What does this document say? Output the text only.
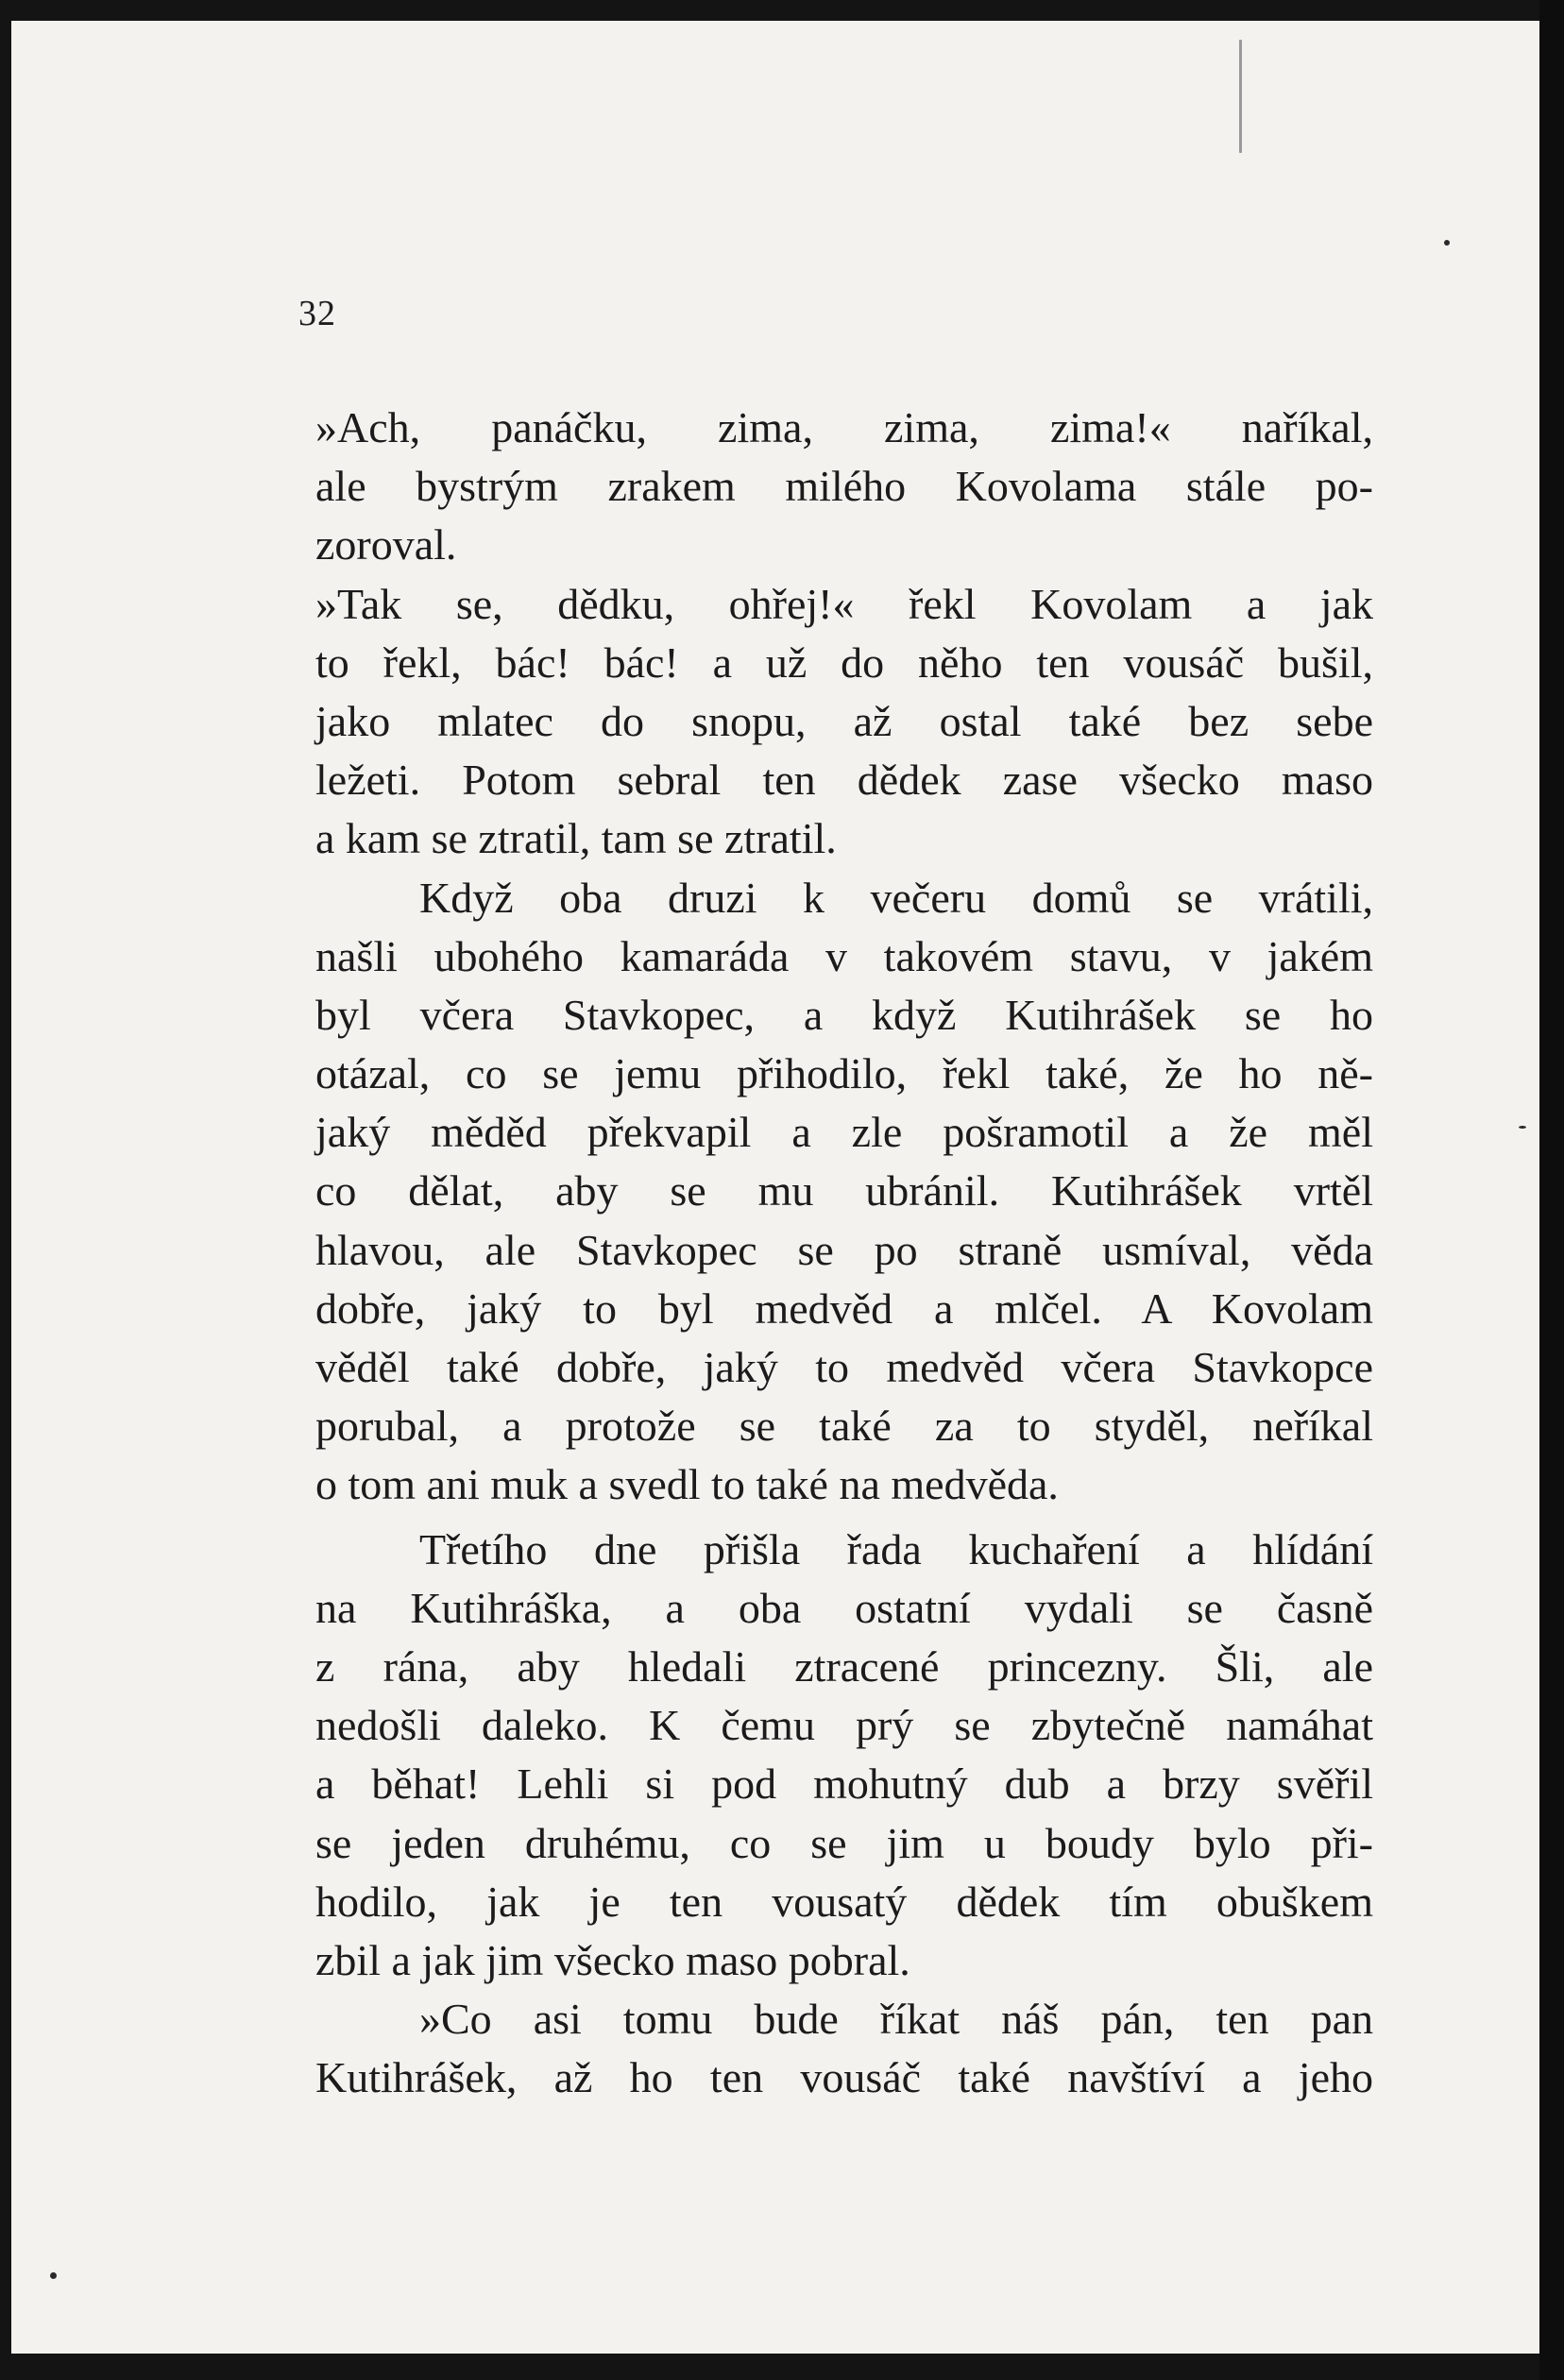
32
»Ach, panáčku, zima, zima, zima!« naříkal,
ale bystrým zrakem milého Kovolama stále po-
zoroval.
»Tak se, dědku, ohřej!« řekl Kovolam a jak
to řekl, bác! bác! a už do něho ten vousáč bušil,
jako mlatec do snopu, až ostal také bez sebe
ležeti. Potom sebral ten dědek zase všecko maso
a kam se ztratil, tam se ztratil.
Když oba druzi k večeru domů se vrátili,
našli ubohého kamaráda v takovém stavu, v jakém
byl včera Stavkopec, a když Kutihrášek se ho
otázal, co se jemu přihodilo, řekl také, že ho ně-
jaký měděd překvapil a zle pošramotil a že měl
co dělat, aby se mu ubránil. Kutihrášek vrtěl
hlavou, ale Stavkopec se po straně usmíval, věda
dobře, jaký to byl medvěd a mlčel. A Kovolam
věděl také dobře, jaký to medvěd včera Stavkopce
porubal, a protože se také za to styděl, neříkal
o tom ani muk a svedl to také na medvěda.
Třetího dne přišla řada kuchaření a hlídání
na Kutihráška, a oba ostatní vydali se časně
z rána, aby hledali ztracené princezny. Šli, ale
nedošli daleko. K čemu prý se zbytečně namáhat
a běhat! Lehli si pod mohutný dub a brzy svěřil
se jeden druhému, co se jim u boudy bylo při-
hodilo, jak je ten vousatý dědek tím obuškem
zbil a jak jim všecko maso pobral.
»Co asi tomu bude říkat náš pán, ten pan
Kutihrášek, až ho ten vousáč také navštíví a jeho
